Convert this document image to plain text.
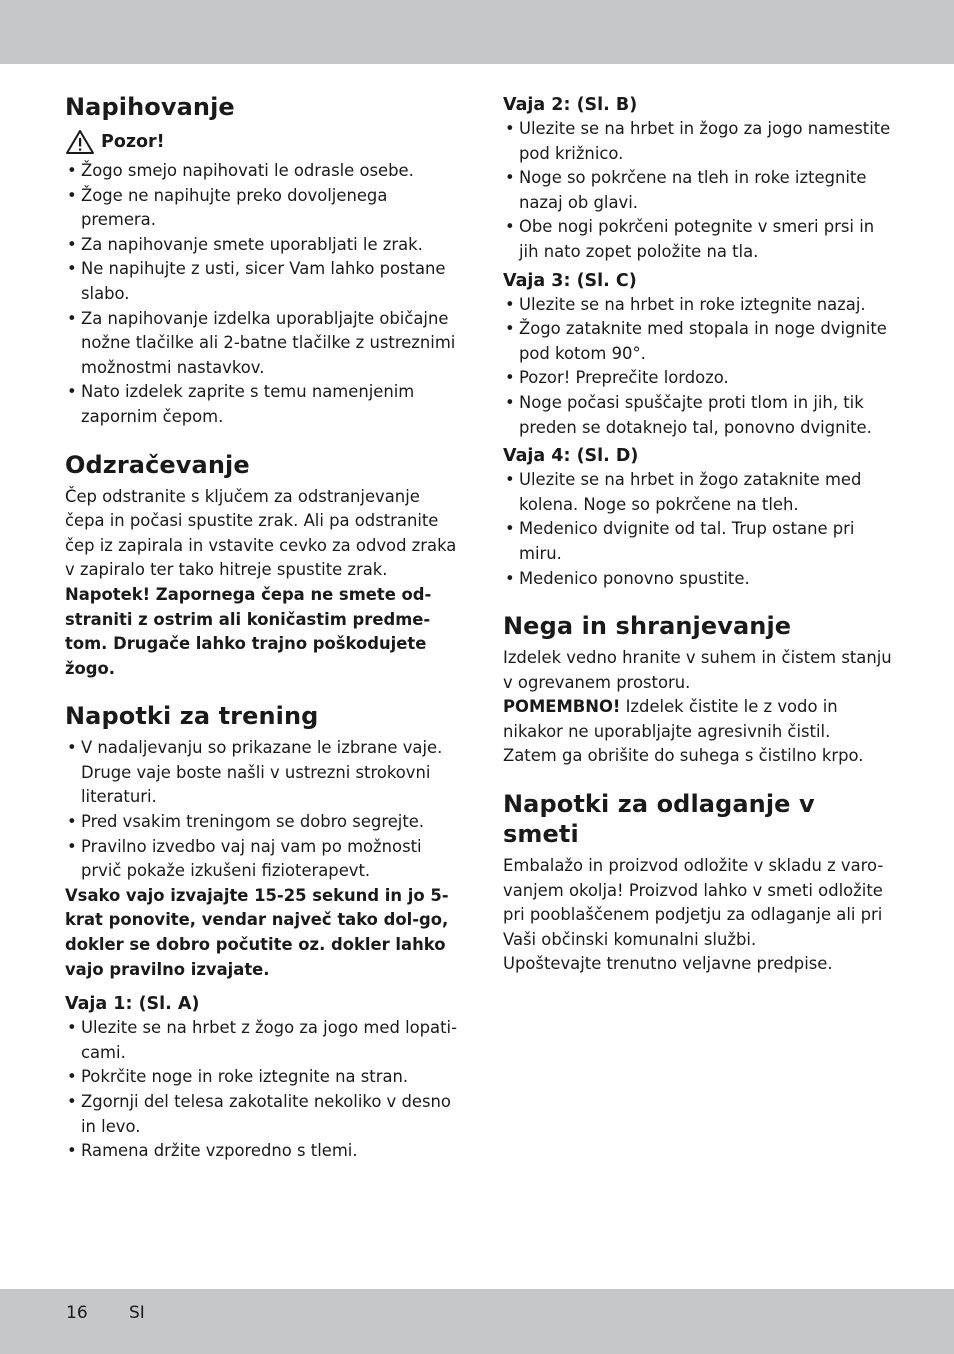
Napihovanje
Pozor!
• Žogo smejo napihovati le odrasle osebe.
• Žoge ne napihujte preko dovoljenega premera.
• Za napihovanje smete uporabljati le zrak.
• Ne napihujte z usti, sicer Vam lahko postane slabo.
• Za napihovanje izdelka uporabljajte običajne nožne tlačilke ali 2-batne tlačilke z ustreznimi možnostmi nastavkov.
• Nato izdelek zaprite s temu namenjenim zapornim čepom.
Odzračevanje

Čep odstranite s ključem za odstranjevanje čepa in počasi spustite zrak. Ali pa odstranite čep iz zapirala in vstavite cevko za odvod zraka v zapiralo ter tako hitreje spustite zrak.

Napotek! Zapornega čepa ne smete od-straniti z ostrim ali koničastim predme-tom. Drugače lahko trajno poškodujete žogo.

Napotki za trening
• V nadaljevanju so prikazane le izbrane vaje. Druge vaje boste našli v ustrezni strokovni literaturi.
• Pred vsakim treningom se dobro segrejte.
• Pravilno izvedbo vaj naj vam po možnosti prvič pokaže izkušeni fizioterapevt.

Vsako vajo izvajajte 15-25 sekund in jo 5-krat ponovite, vendar največ tako dol-go, dokler se dobro počutite oz. dokler lahko vajo pravilno izvajate.

Vaja 1: (Sl. A)
• Ulezite se na hrbet z žogo za jogo med lopati-cami.
• Pokrčite noge in roke iztegnite na stran.
• Zgornji del telesa zakotalite nekoliko v desno in levo.
• Ramena držite vzporedno s tlemi.
Vaja 2: (Sl. B)
• Ulezite se na hrbet in žogo za jogo namestite pod križnico.
• Noge so pokrčene na tleh in roke iztegnite nazaj ob glavi.
• Obe nogi pokrčeni potegnite v smeri prsi in jih nato zopet položite na tla.
Vaja 3: (Sl. C)
• Ulezite se na hrbet in roke iztegnite nazaj.
• Žogo zataknite med stopala in noge dvignite pod kotom 90°.
• Pozor! Preprečite lordozo.
• Noge počasi spuščajte proti tlom in jih, tik preden se dotaknejo tal, ponovno dvignite.
Vaja 4: (Sl. D)
• Ulezite se na hrbet in žogo zataknite med kolena. Noge so pokrčene na tleh.
• Medenico dvignite od tal. Trup ostane pri miru.
• Medenico ponovno spustite.
Nega in shranjevanje

Izdelek vedno hranite v suhem in čistem stanju v ogrevanem prostoru.

POMEMBNO! Izdelek čistite le z vodo in nikakor ne uporabljajte agresivnih čistil.

Zatem ga obrišite do suhega s čistilno krpo.

Napotki za odlaganje v smeti

Embalažo in proizvod odložite v skladu z varo-vanjem okolja! Proizvod lahko v smeti odložite pri pooblaščenem podjetju za odlaganje ali pri Vaši občinski komunalni službi.

Upoštevajte trenutno veljavne predpise.

16 SI
